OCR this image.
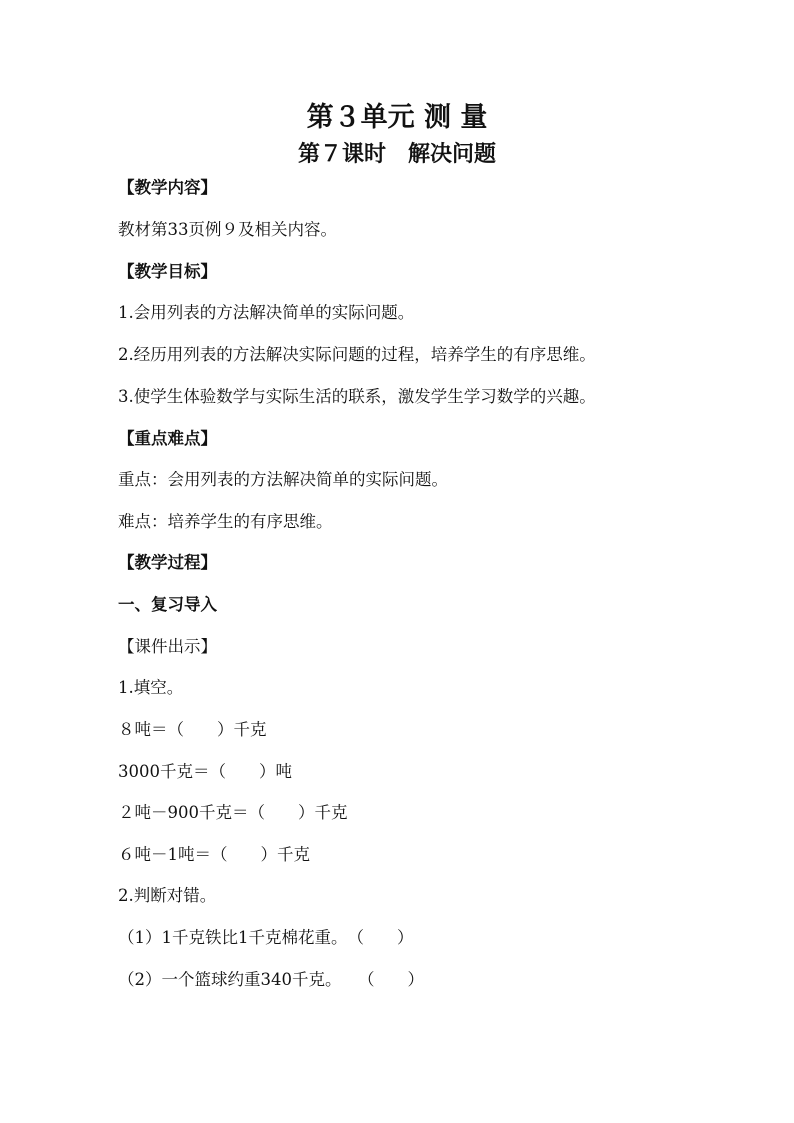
第３单元 测 量
第７课时　解决问题
【教学内容】
教材第33页例９及相关内容。
【教学目标】
1.会用列表的方法解决简单的实际问题。
2.经历用列表的方法解决实际问题的过程，培养学生的有序思维。
3.使学生体验数学与实际生活的联系，激发学生学习数学的兴趣。
【重点难点】
重点：会用列表的方法解决简单的实际问题。
难点：培养学生的有序思维。
【教学过程】
一、复习导入
【课件出示】
1.填空。
８吨＝（　　）千克
3000千克＝（　　）吨
２吨－900千克＝（　　）千克
６吨－1吨＝（　　）千克
2.判断对错。
（1）1千克铁比1千克棉花重。　（　　）
（2）一个篮球约重340千克。　　（　　）
